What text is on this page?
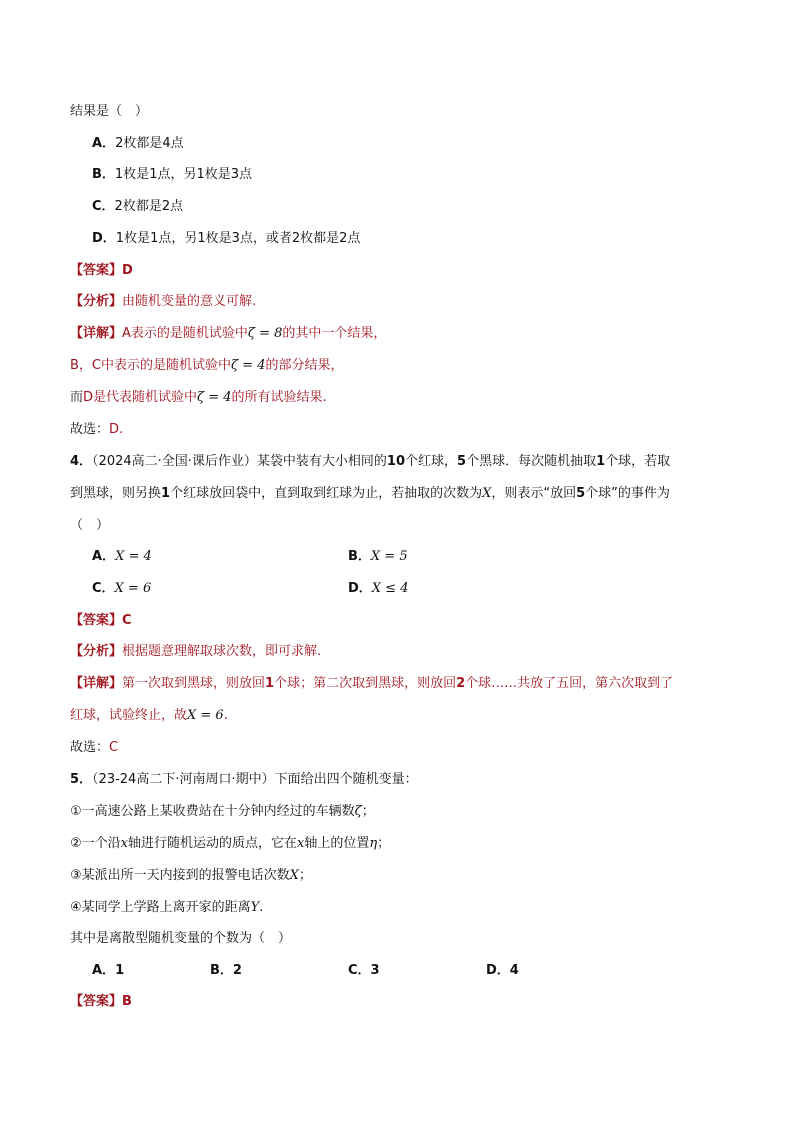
结果是（　）
A．2枚都是4点
B．1枚是1点，另1枚是3点
C．2枚都是2点
D．1枚是1点，另1枚是3点，或者2枚都是2点
【答案】D
【分析】由随机变量的意义可解.
【详解】A表示的是随机试验中ζ = 8的其中一个结果，
B，C中表示的是随机试验中ζ = 4的部分结果，
而D是代表随机试验中ζ = 4的所有试验结果.
故选：D.
4．（2024高二·全国·课后作业）某袋中装有大小相同的10个红球，5个黑球．每次随机抽取1个球，若取
到黑球，则另换1个红球放回袋中，直到取到红球为止，若抽取的次数为X，则表示“放回5个球”的事件为
（　）
A．X = 4	B．X = 5
C．X = 6	D．X ≤ 4
【答案】C
【分析】根据题意理解取球次数，即可求解.
【详解】第一次取到黑球，则放回1个球；第二次取到黑球，则放回2个球……共放了五回，第六次取到了
红球，试验终止，故X = 6.
故选：C
5．（23-24高二下·河南周口·期中）下面给出四个随机变量：
①一高速公路上某收费站在十分钟内经过的车辆数ζ；
②一个沿x轴进行随机运动的质点，它在x轴上的位置η；
③某派出所一天内接到的报警电话次数X；
④某同学上学路上离开家的距离Y.
其中是离散型随机变量的个数为（　）
A．1	B．2	C．3	D．4
【答案】B
